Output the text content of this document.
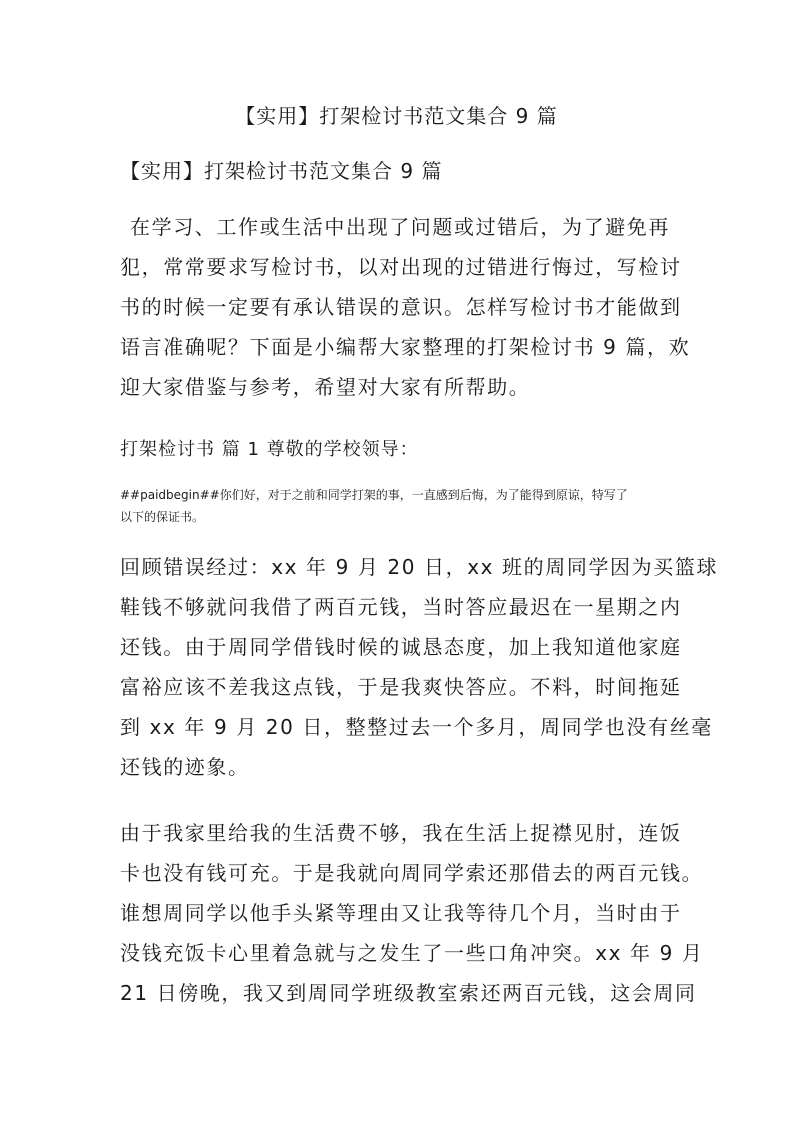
【实用】打架检讨书范文集合 9 篇
【实用】打架检讨书范文集合 9 篇

在学习、工作或生活中出现了问题或过错后，为了避免再
犯，常常要求写检讨书，以对出现的过错进行悔过，写检讨
书的时候一定要有承认错误的意识。怎样写检讨书才能做到
语言准确呢？下面是小编帮大家整理的打架检讨书 9 篇，欢
迎大家借鉴与参考，希望对大家有所帮助。

打架检讨书 篇 1 尊敬的学校领导：

##paidbegin##你们好，对于之前和同学打架的事，一直感到后悔，为了能得到原谅，特写了
以下的保证书。

回顾错误经过：xx 年 9 月 20 日，xx 班的周同学因为买篮球
鞋钱不够就问我借了两百元钱，当时答应最迟在一星期之内
还钱。由于周同学借钱时候的诚恳态度，加上我知道他家庭
富裕应该不差我这点钱，于是我爽快答应。不料，时间拖延
到 xx 年 9 月 20 日，整整过去一个多月，周同学也没有丝毫
还钱的迹象。

由于我家里给我的生活费不够，我在生活上捉襟见肘，连饭
卡也没有钱可充。于是我就向周同学索还那借去的两百元钱。
谁想周同学以他手头紧等理由又让我等待几个月，当时由于
没钱充饭卡心里着急就与之发生了一些口角冲突。xx 年 9 月
21 日傍晚，我又到周同学班级教室索还两百元钱，这会周同
